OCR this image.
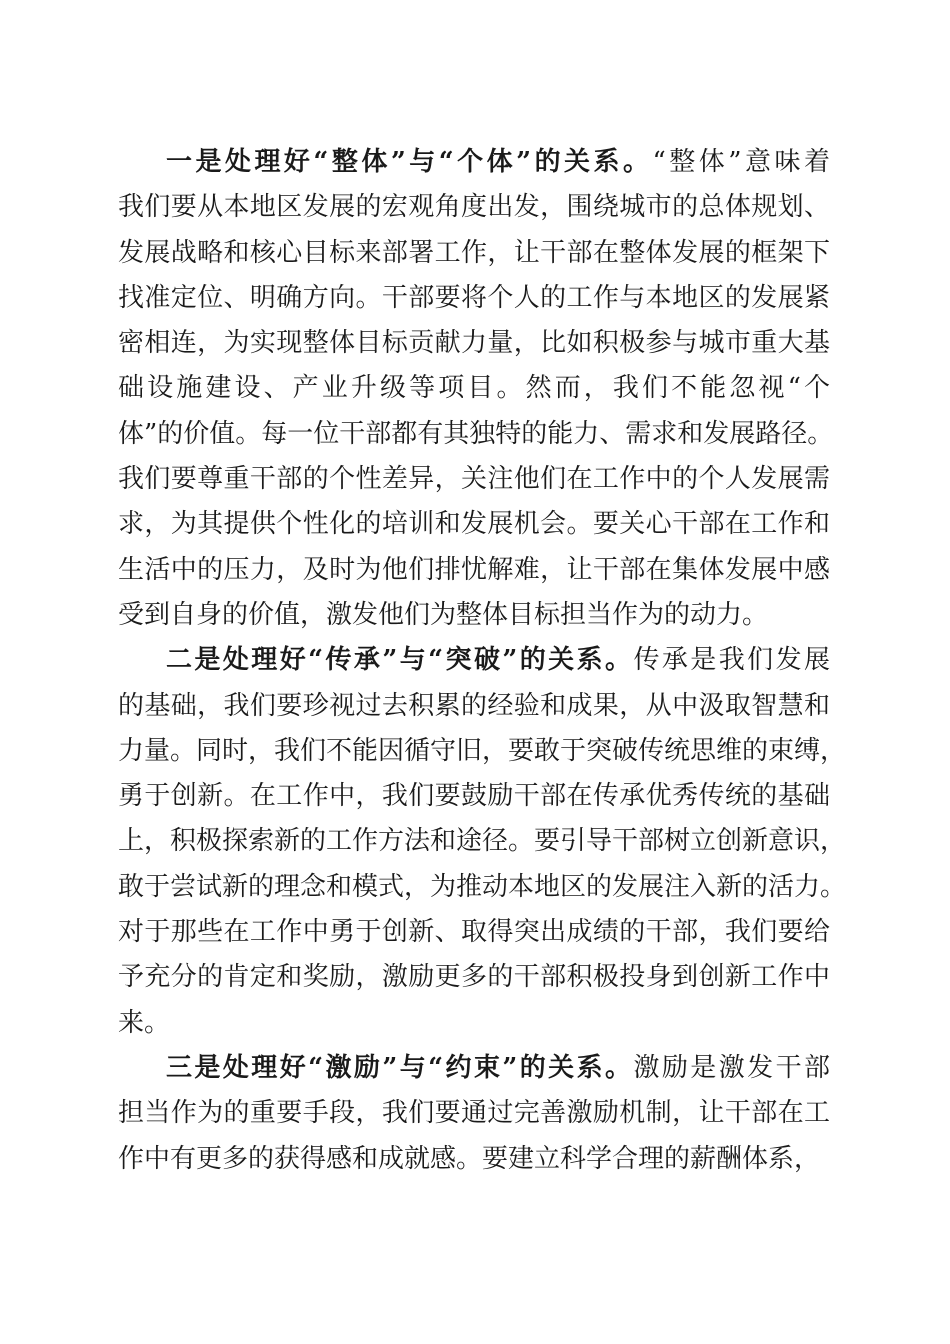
一是处理好“整体”与“个体”的关系。“整体”意味着
我们要从本地区发展的宏观角度出发，围绕城市的总体规划、
发展战略和核心目标来部署工作，让干部在整体发展的框架下
找准定位、明确方向。干部要将个人的工作与本地区的发展紧
密相连，为实现整体目标贡献力量，比如积极参与城市重大基
础设施建设、产业升级等项目。然而，我们不能忽视“个
体”的价值。每一位干部都有其独特的能力、需求和发展路径。
我们要尊重干部的个性差异，关注他们在工作中的个人发展需
求，为其提供个性化的培训和发展机会。要关心干部在工作和
生活中的压力，及时为他们排忧解难，让干部在集体发展中感
受到自身的价值，激发他们为整体目标担当作为的动力。
二是处理好“传承”与“突破”的关系。传承是我们发展
的基础，我们要珍视过去积累的经验和成果，从中汲取智慧和
力量。同时，我们不能因循守旧，要敢于突破传统思维的束缚，
勇于创新。在工作中，我们要鼓励干部在传承优秀传统的基础
上，积极探索新的工作方法和途径。要引导干部树立创新意识，
敢于尝试新的理念和模式，为推动本地区的发展注入新的活力。
对于那些在工作中勇于创新、取得突出成绩的干部，我们要给
予充分的肯定和奖励，激励更多的干部积极投身到创新工作中
来。
三是处理好“激励”与“约束”的关系。激励是激发干部
担当作为的重要手段，我们要通过完善激励机制，让干部在工
作中有更多的获得感和成就感。要建立科学合理的薪酬体系，
